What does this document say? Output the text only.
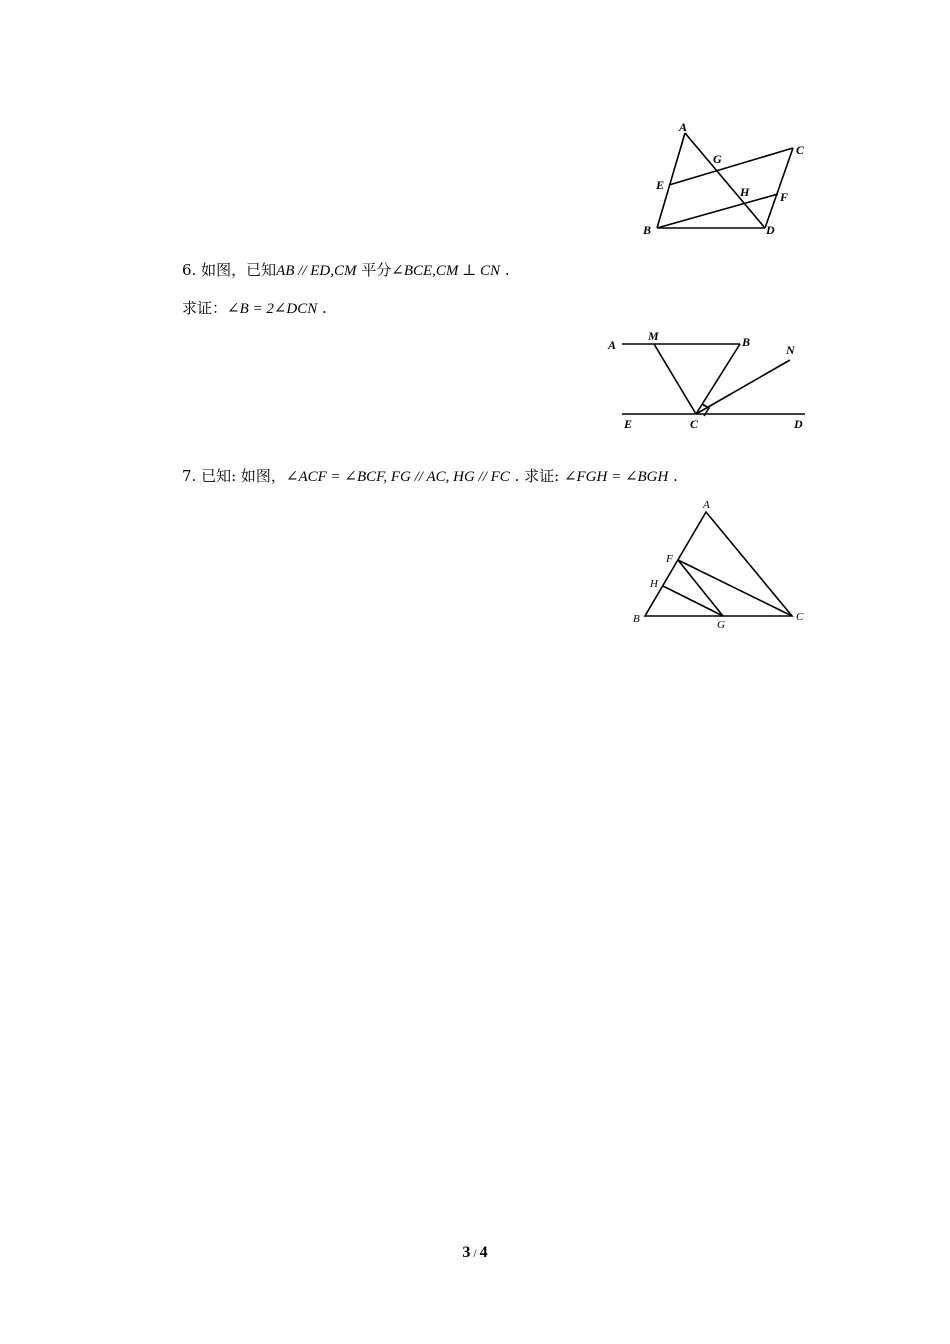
A
G
C
E	H	F
B	D
6. 如图，已知AB // ED,CM 平分∠BCE,CM ⊥ CN .
求证：∠B = 2∠DCN .
A
M	B
N
E	C	D
7. 已知: 如图，∠ACF = ∠BCF, FG // AC, HG // FC . 求证: ∠FGH = ∠BGH .
A
F
H
B	G
C
3 / 4
